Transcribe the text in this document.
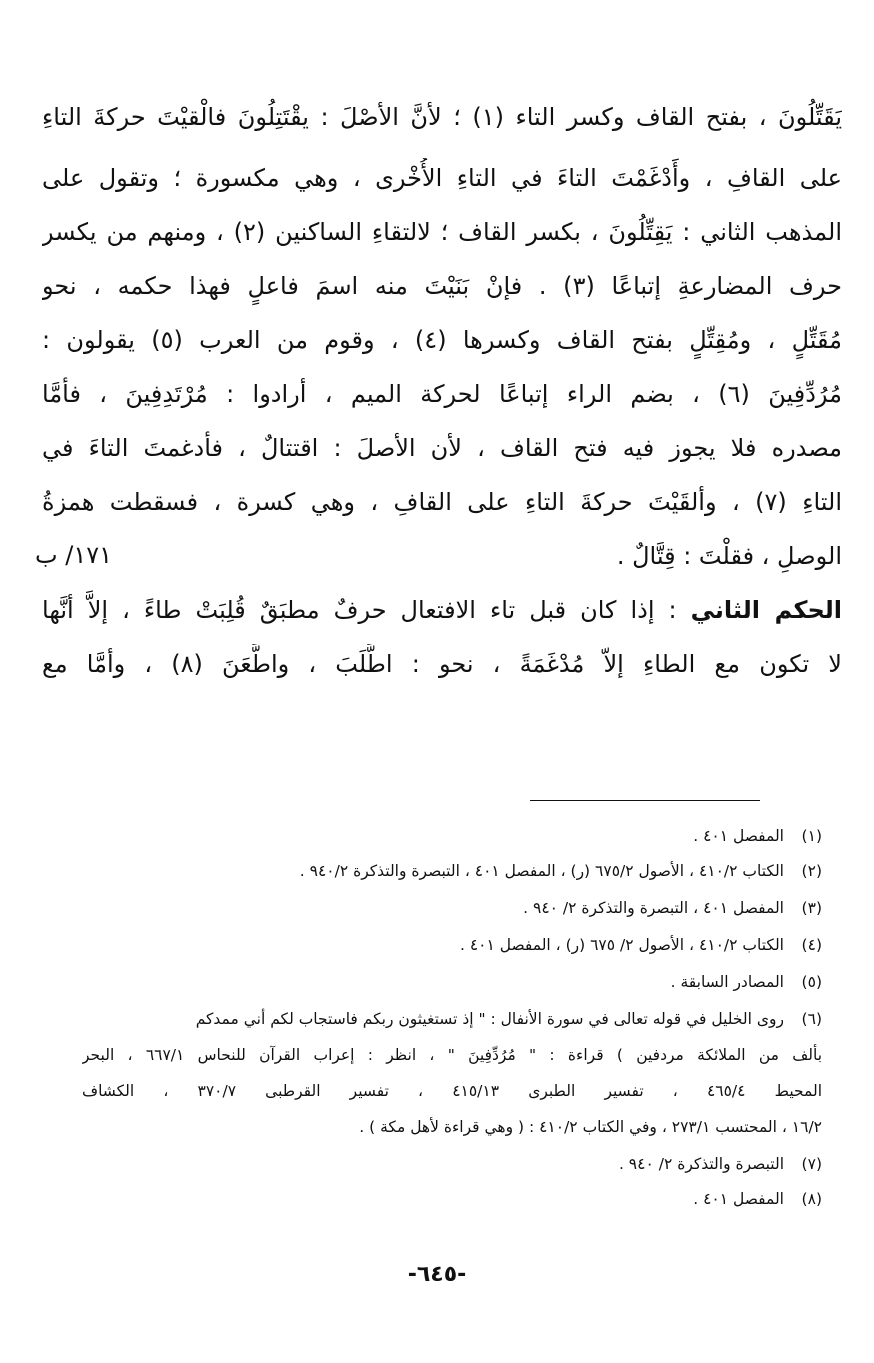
يَقَتِّلُونَ ، بفتح القاف وكسر التاء (١) ؛ لأنَّ الأصْلَ : يقْتَتِلُونَ فالْقيْتَ حركةَ التاءِ
على القافِ ، وأَدْغَمْتَ التاءَ في التاءِ الأُخْرى ، وهي مكسورة ؛ وتقول على
المذهب الثاني : يَقِتِّلُونَ ، بكسر القاف ؛ لالتقاءِ الساكنين (٢) ، ومنهم من يكسر
حرف المضارعةِ إتباعًا (٣) . فإنْ بَنَيْتَ منه اسمَ فاعلٍ فهذا حكمه ، نحو
مُقَتِّلٍ ، ومُقِتِّلٍ بفتح القاف وكسرها (٤) ، وقوم من العرب (٥) يقولون :
مُرُدِّفِينَ (٦) ، بضم الراء إتباعًا لحركة الميم ، أرادوا : مُرْتَدِفِينَ ، فأمَّا
مصدره فلا يجوز فيه فتح القاف ، لأن الأصلَ : اقتتالٌ ، فأدغمتَ التاءَ في
التاءِ (٧) ، وألقَيْتَ حركةَ التاءِ على القافِ ، وهي كسرة ، فسقطت همزةُ
الوصلِ ، فقلْتَ : قِتَّالٌ .
١٧١/ ب
الحكم الثاني : إذا كان قبل تاء الافتعال حرفٌ مطبَقٌ قُلِبَتْ طاءً ، إلاَّ أنَّها
لا تكون مع الطاءِ إلاّ مُدْغَمَةً ، نحو : اطَّلَبَ ، واطَّعَنَ (٨) ، وأمَّا مع
(١)المفصل ٤٠١ .
(٢)الكتاب ٤١٠/٢ ، الأصول ٦٧٥/٢ (ر) ، المفصل ٤٠١ ، التبصرة والتذكرة ٩٤٠/٢ .
(٣)المفصل ٤٠١ ، التبصرة والتذكرة ٢/ ٩٤٠ .
(٤)الكتاب ٤١٠/٢ ، الأصول ٢/ ٦٧٥ (ر) ، المفصل ٤٠١ .
(٥)المصادر السابقة .
(٦)روى الخليل في قوله تعالى في سورة الأنفال : " إذ تستغيثون ربكم فاستجاب لكم أني ممدكم
بألف من الملائكة مردفين ) قراءة : " مُرُدِّفِينَ " ، انظر : إعراب القرآن للنحاس ٦٦٧/١ ، البحر
المحيط ٤٦٥/٤ ، تفسير الطبرى ٤١٥/١٣ ، تفسير القرطبى ٣٧٠/٧ ، الكشاف
١٦/٢ ، المحتسب ٢٧٣/١ ، وفي الكتاب ٤١٠/٢ : ( وهي قراءة لأهل مكة ) .
(٧)التبصرة والتذكرة ٢/ ٩٤٠ .
(٨)المفصل ٤٠١ .
-٦٤٥-
